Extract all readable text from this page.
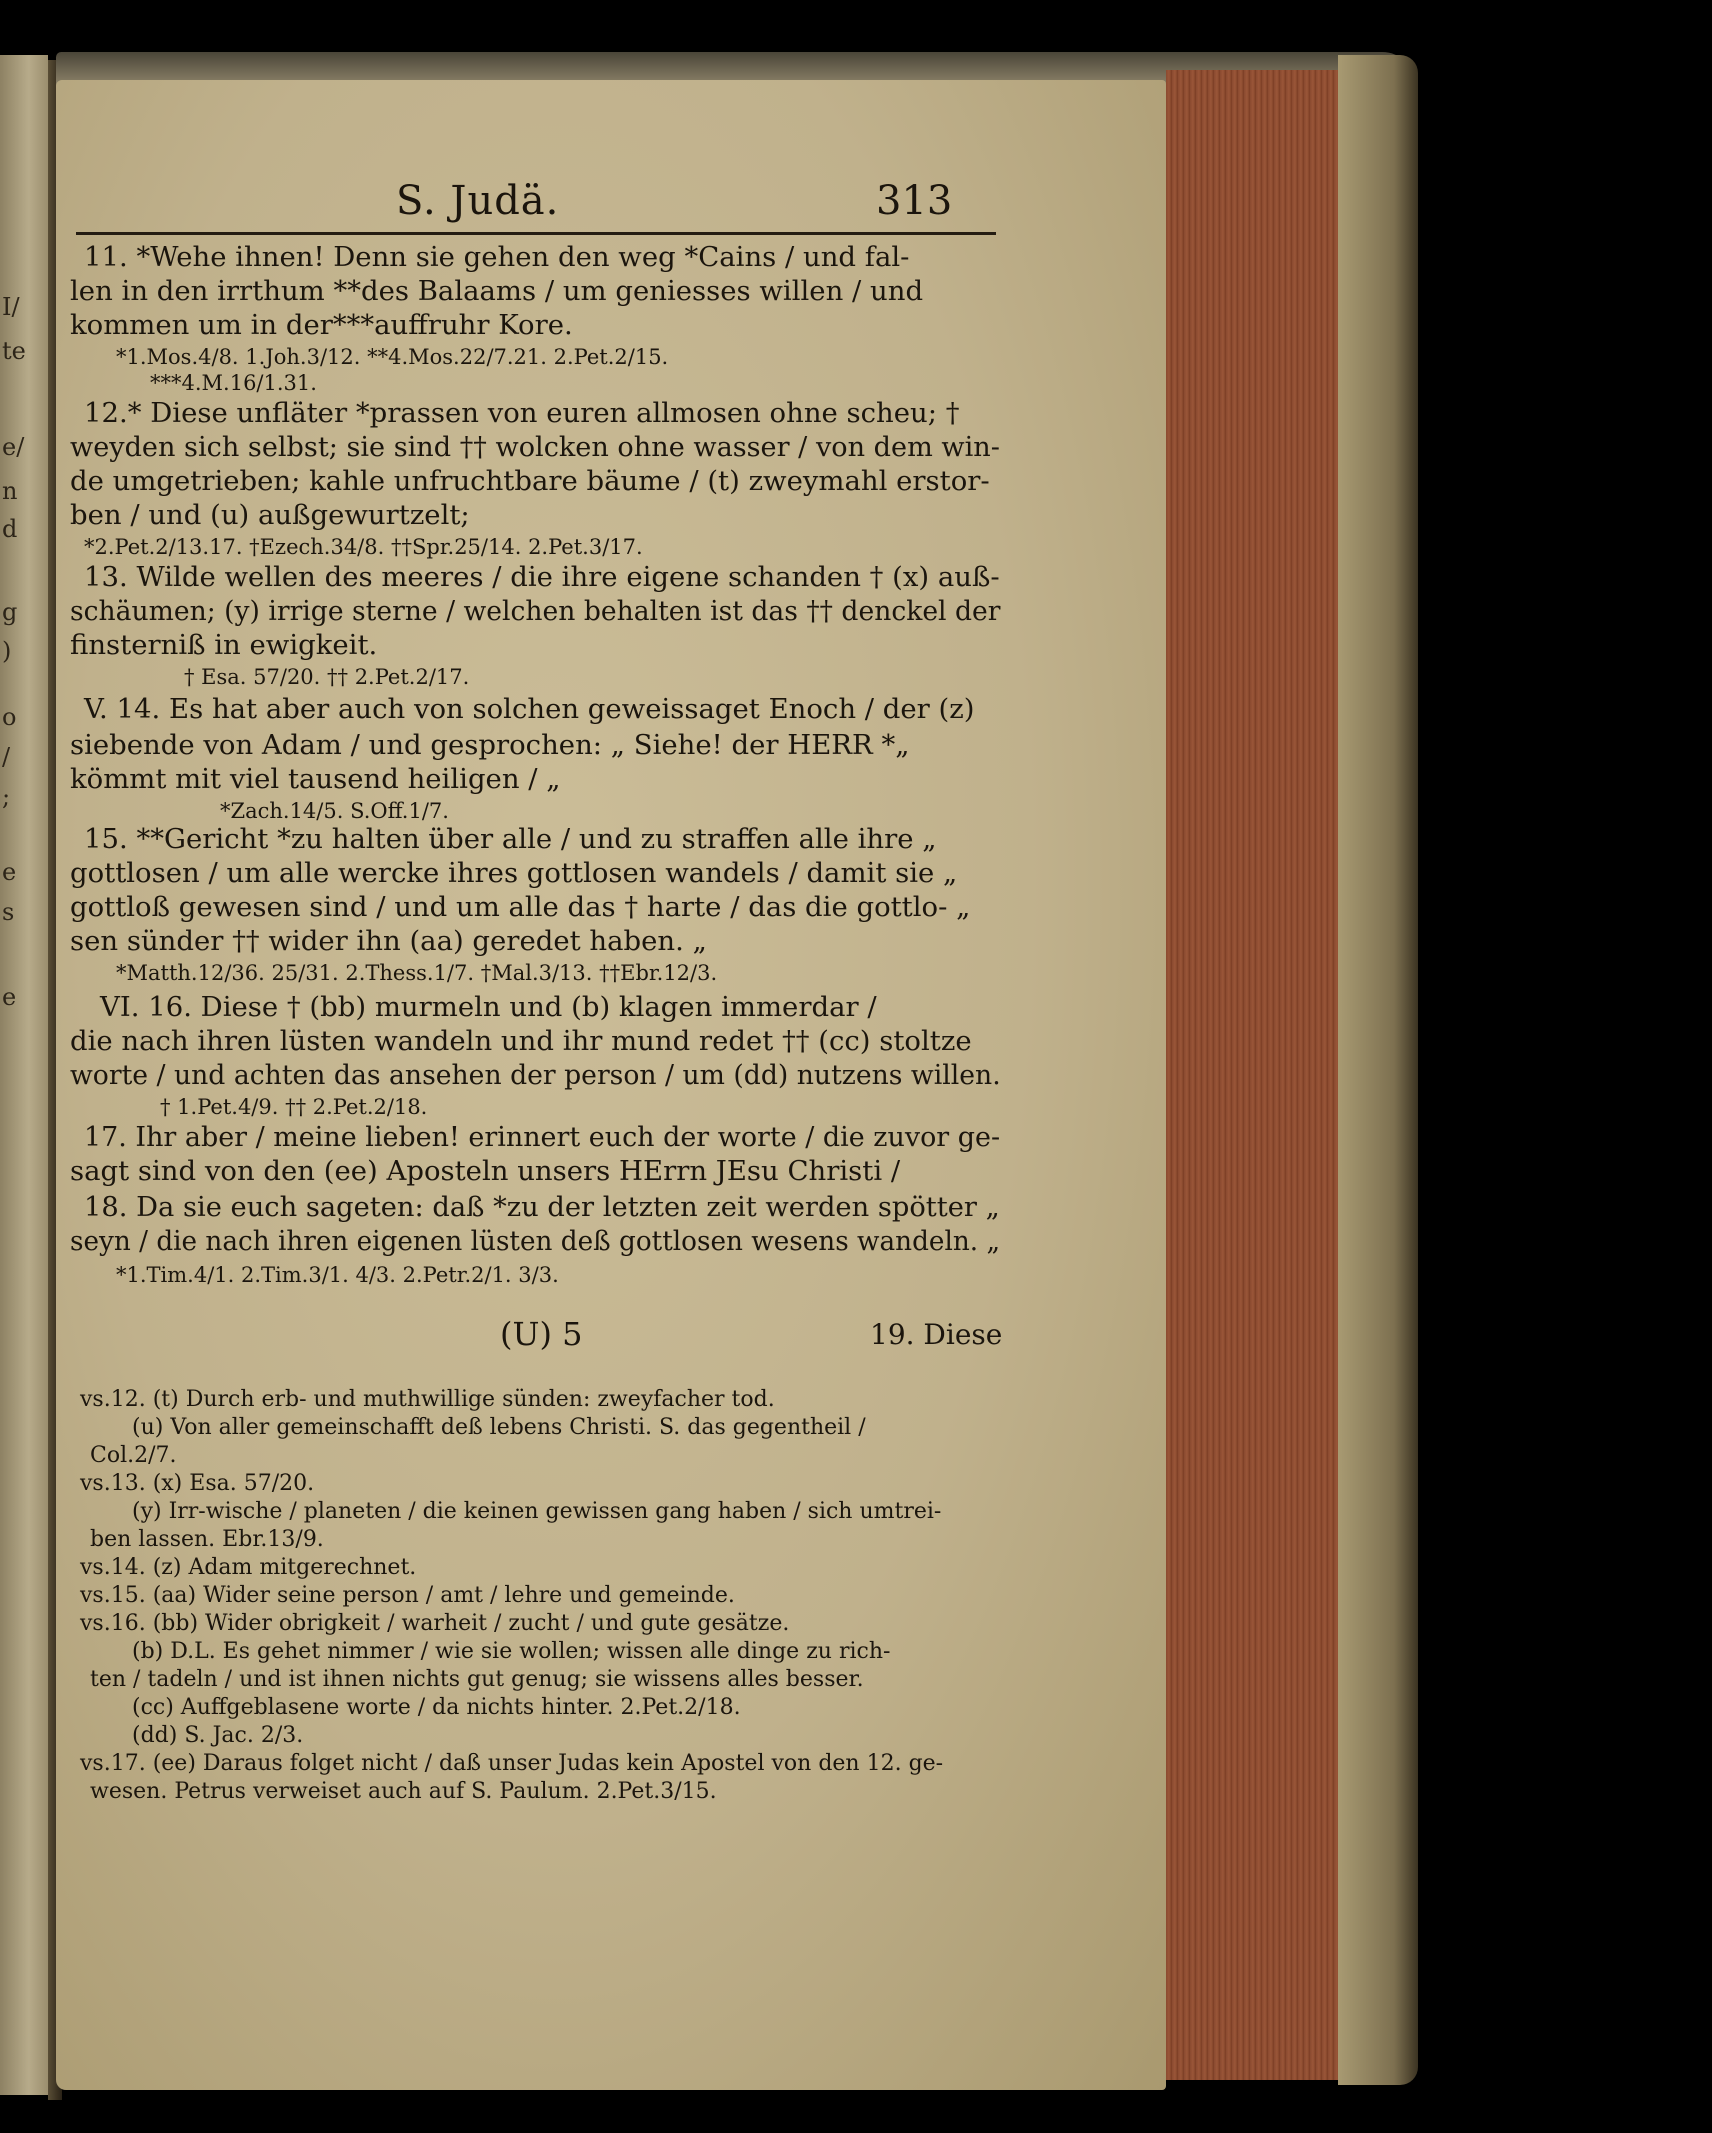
I/
te
e/
n
d
g
)
o
/
;
e
s
e
S. Judä.	313
11. *Wehe ihnen! Denn sie gehen den weg *Cains / und fal-
len in den irrthum **des Balaams / um geniesses willen / und
kommen um in der***auffruhr Kore.
*1.Mos.4/8. 1.Joh.3/12. **4.Mos.22/7.21. 2.Pet.2/15.
***4.M.16/1.31.
12.* Diese unfläter *prassen von euren allmosen ohne scheu; †
weyden sich selbst; sie sind †† wolcken ohne wasser / von dem win-
de umgetrieben; kahle unfruchtbare bäume / (t) zweymahl erstor-
ben / und (u) außgewurtzelt;
*2.Pet.2/13.17. †Ezech.34/8. ††Spr.25/14. 2.Pet.3/17.
13. Wilde wellen des meeres / die ihre eigene schanden † (x) auß-
schäumen; (y) irrige sterne / welchen behalten ist das †† denckel der
finsterniß in ewigkeit.
† Esa. 57/20. †† 2.Pet.2/17.
V. 14. Es hat aber auch von solchen geweissaget Enoch / der (z)
siebende von Adam / und gesprochen: „ Siehe! der HERR *„
kömmt mit viel tausend heiligen / „
*Zach.14/5. S.Off.1/7.
15. **Gericht *zu halten über alle / und zu straffen alle ihre „
gottlosen / um alle wercke ihres gottlosen wandels / damit sie „
gottloß gewesen sind / und um alle das † harte / das die gottlo- „
sen sünder †† wider ihn (aa) geredet haben. „
*Matth.12/36. 25/31. 2.Thess.1/7. †Mal.3/13. ††Ebr.12/3.
VI. 16. Diese † (bb) murmeln und (b) klagen immerdar /
die nach ihren lüsten wandeln und ihr mund redet †† (cc) stoltze
worte / und achten das ansehen der person / um (dd) nutzens willen.
† 1.Pet.4/9. †† 2.Pet.2/18.
17. Ihr aber / meine lieben! erinnert euch der worte / die zuvor ge-
sagt sind von den (ee) Aposteln unsers HErrn JEsu Christi /
18. Da sie euch sageten: daß *zu der letzten zeit werden spötter „
seyn / die nach ihren eigenen lüsten deß gottlosen wesens wandeln. „
*1.Tim.4/1. 2.Tim.3/1. 4/3. 2.Petr.2/1. 3/3.
(U) 5	19. Diese
vs.12. (t) Durch erb- und muthwillige sünden: zweyfacher tod.
(u) Von aller gemeinschafft deß lebens Christi. S. das gegentheil /
Col.2/7.
vs.13. (x) Esa. 57/20.
(y) Irr-wische / planeten / die keinen gewissen gang haben / sich umtrei-
ben lassen. Ebr.13/9.
vs.14. (z) Adam mitgerechnet.
vs.15. (aa) Wider seine person / amt / lehre und gemeinde.
vs.16. (bb) Wider obrigkeit / warheit / zucht / und gute gesätze.
(b) D.L. Es gehet nimmer / wie sie wollen; wissen alle dinge zu rich-
ten / tadeln / und ist ihnen nichts gut genug; sie wissens alles besser.
(cc) Auffgeblasene worte / da nichts hinter. 2.Pet.2/18.
(dd) S. Jac. 2/3.
vs.17. (ee) Daraus folget nicht / daß unser Judas kein Apostel von den 12. ge-
wesen. Petrus verweiset auch auf S. Paulum. 2.Pet.3/15.
